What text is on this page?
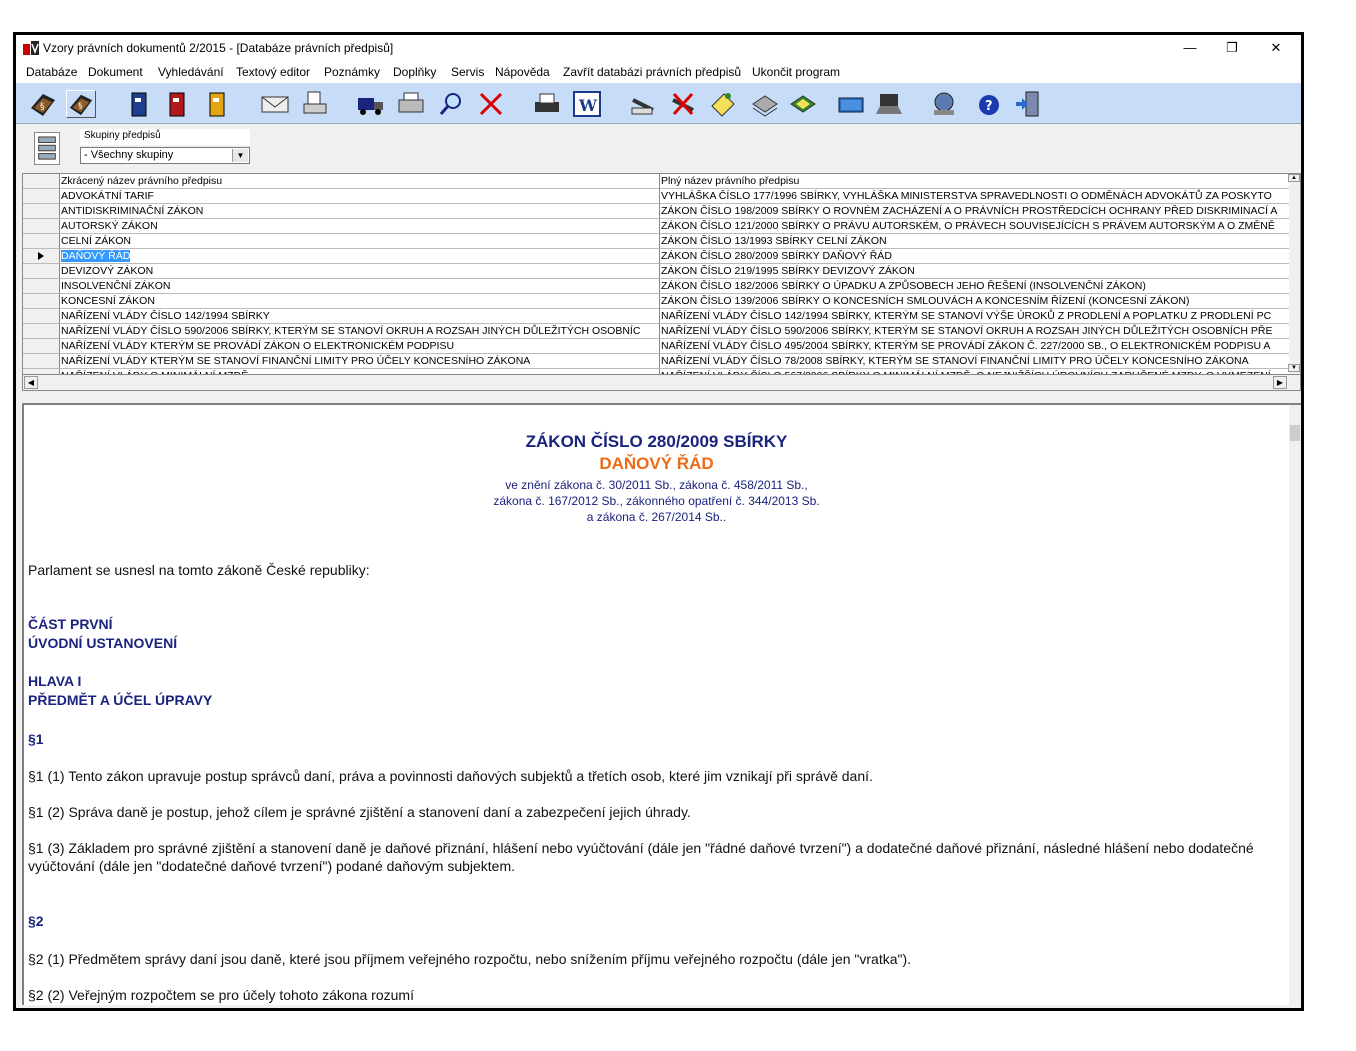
Vzory právních dokumentů 2/2015 - [Databáze právních předpisů]	—	❐	✕
Databáze Dokument Vyhledávání Textový editor Poznámky Doplňky Servis Nápověda Zavřít databázi právních předpisů Ukončit program
§	§	W	?
Skupiny předpisů
- Všechny skupiny	▼
Zkrácený název právního předpisu	Plný název právního předpisu
ADVOKÁTNÍ TARIF	VYHLÁŠKA ČÍSLO 177/1996 SBÍRKY, VYHLÁŠKA MINISTERSTVA SPRAVEDLNOSTI O ODMĚNÁCH ADVOKÁTŮ ZA POSKYTO
ANTIDISKRIMINAČNÍ ZÁKON	ZÁKON ČÍSLO 198/2009 SBÍRKY O ROVNÉM ZACHÁZENÍ A O PRÁVNÍCH PROSTŘEDCÍCH OCHRANY PŘED DISKRIMINACÍ A
AUTORSKÝ ZÁKON	ZÁKON ČÍSLO 121/2000 SBÍRKY O PRÁVU AUTORSKÉM, O PRÁVECH SOUVISEJÍCÍCH S PRÁVEM AUTORSKÝM A O ZMĚNĚ
CELNÍ ZÁKON	ZÁKON ČÍSLO 13/1993 SBÍRKY CELNÍ ZÁKON
DAŇOVÝ ŘÁD	ZÁKON ČÍSLO 280/2009 SBÍRKY DAŇOVÝ ŘÁD
DEVIZOVÝ ZÁKON	ZÁKON ČÍSLO 219/1995 SBÍRKY DEVIZOVÝ ZÁKON
INSOLVENČNÍ ZÁKON	ZÁKON ČÍSLO 182/2006 SBÍRKY O ÚPADKU A ZPŮSOBECH JEHO ŘEŠENÍ (INSOLVENČNÍ ZÁKON)
KONCESNÍ ZÁKON	ZÁKON ČÍSLO 139/2006 SBÍRKY O KONCESNÍCH SMLOUVÁCH A KONCESNÍM ŘÍZENÍ (KONCESNÍ ZÁKON)
NAŘÍZENÍ VLÁDY ČÍSLO 142/1994 SBÍRKY	NAŘÍZENÍ VLÁDY ČÍSLO 142/1994 SBÍRKY, KTERÝM SE STANOVÍ VÝŠE ÚROKŮ Z PRODLENÍ A POPLATKU Z PRODLENÍ PC
NAŘÍZENÍ VLÁDY ČÍSLO 590/2006 SBÍRKY, KTERÝM SE STANOVÍ OKRUH A ROZSAH JINÝCH DŮLEŽITÝCH OSOBNÍC	NAŘÍZENÍ VLÁDY ČÍSLO 590/2006 SBÍRKY, KTERÝM SE STANOVÍ OKRUH A ROZSAH JINÝCH DŮLEŽITÝCH OSOBNÍCH PŘE
NAŘÍZENÍ VLÁDY KTERÝM SE PROVÁDÍ ZÁKON O ELEKTRONICKÉM PODPISU	NAŘÍZENÍ VLÁDY ČÍSLO 495/2004 SBÍRKY, KTERÝM SE PROVÁDÍ ZÁKON Č. 227/2000 SB., O ELEKTRONICKÉM PODPISU A
NAŘÍZENÍ VLÁDY KTERÝM SE STANOVÍ FINANČNÍ LIMITY PRO ÚČELY KONCESNÍHO ZÁKONA	NAŘÍZENÍ VLÁDY ČÍSLO 78/2008 SBÍRKY, KTERÝM SE STANOVÍ FINANČNÍ LIMITY PRO ÚČELY KONCESNÍHO ZÁKONA
▲
▼
◀	▶
ZÁKON ČÍSLO 280/2009 SBÍRKY
DAŇOVÝ ŘÁD
ve znění zákona č. 30/2011 Sb., zákona č. 458/2011 Sb.,
zákona č. 167/2012 Sb., zákonného opatření č. 344/2013 Sb.
a zákona č. 267/2014 Sb..
Parlament se usnesl na tomto zákoně České republiky:
ČÁST PRVNÍ
ÚVODNÍ USTANOVENÍ
HLAVA I
PŘEDMĚT A ÚČEL ÚPRAVY
§1
§1 (1) Tento zákon upravuje postup správců daní, práva a povinnosti daňových subjektů a třetích osob, které jim vznikají při správě daní.
§1 (2) Správa daně je postup, jehož cílem je správné zjištění a stanovení daní a zabezpečení jejich úhrady.
§1 (3) Základem pro správné zjištění a stanovení daně je daňové přiznání, hlášení nebo vyúčtování (dále jen "řádné daňové tvrzení") a dodatečné daňové přiznání, následné hlášení nebo dodatečné vyúčtování (dále jen "dodatečné daňové tvrzení") podané daňovým subjektem.
§2
§2 (1) Předmětem správy daní jsou daně, které jsou příjmem veřejného rozpočtu, nebo snížením příjmu veřejného rozpočtu (dále jen "vratka").
§2 (2) Veřejným rozpočtem se pro účely tohoto zákona rozumí
